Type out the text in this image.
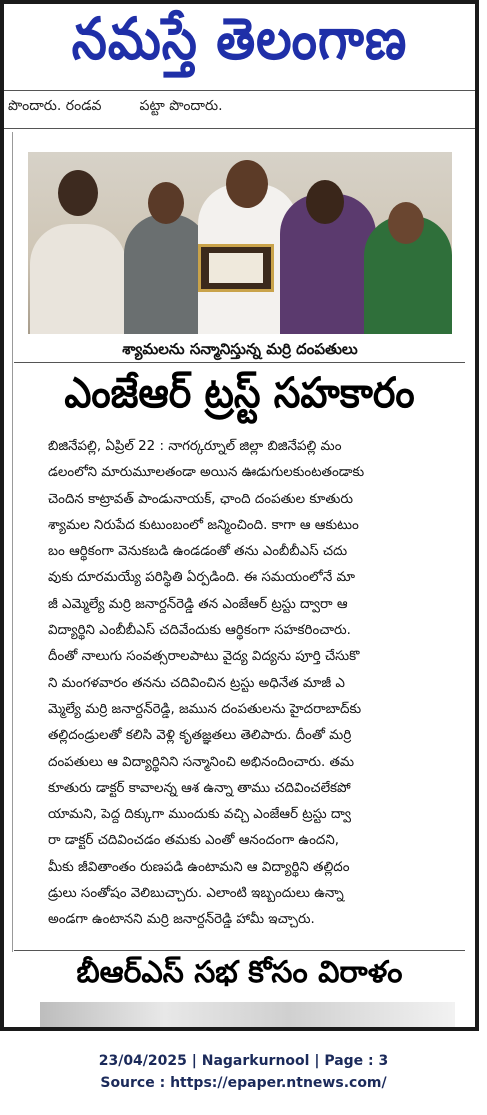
నమస్తే తెలంగాణ
పొందారు. రండవ	పట్టా పొందారు.
శ్యామలను సన్మానిస్తున్న మర్రి దంపతులు
ఎంజేఆర్ ట్రస్ట్ సహకారం
బిజినేపల్లి, ఏప్రిల్ 22 : నాగర్కర్నూల్ జిల్లా బిజినేపల్లి మం
డలంలోని మారుమూలతండా అయిన ఊడుగులకుంటతండాకు
చెందిన కాట్రావత్ పాండునాయక్, ఛాంది దంపతుల కూతురు
శ్యామల నిరుపేద కుటుంబంలో జన్మించింది. కాగా ఆ ఆకుటుం
బం ఆర్థికంగా వెనుకబడి ఉండడంతో తను ఎంబీబీఎస్ చదు
వుకు దూరమయ్యే పరిస్థితి ఏర్పడింది. ఈ సమయంలోనే మా
జీ ఎమ్మెల్యే మర్రి జనార్దన్‌రెడ్డి తన ఎంజేఆర్ ట్రస్టు ద్వారా ఆ
విద్యార్థిని ఎంబీబీఎస్ చదివేందుకు ఆర్థికంగా సహకరించారు.
దీంతో నాలుగు సంవత్సరాలపాటు వైద్య విద్యను పూర్తి చేసుకొ
ని మంగళవారం తనను చదివించిన ట్రస్టు అధినేత మాజీ ఎ
మ్మెల్యే మర్రి జనార్దన్‌రెడ్డి, జమున దంపతులను హైదరాబాద్‌కు
తల్లిదండ్రులతో కలిసి వెళ్లి కృతజ్ఞతలు తెలిపారు. దీంతో మర్రి
దంపతులు ఆ విద్యార్థినిని సన్మానించి అభినందించారు. తమ
కూతురు డాక్టర్ కావాలన్న ఆశ ఉన్నా తాము చదివించలేకపో
యామని, పెద్ద దిక్కుగా ముందుకు వచ్చి ఎంజేఆర్ ట్రస్టు ద్వా
రా డాక్టర్ చదివించడం తమకు ఎంతో ఆనందంగా ఉందని,
మీకు జీవితాంతం రుణపడి ఉంటామని ఆ విద్యార్థిని తల్లిదం
డ్రులు సంతోషం వెలిబుచ్చారు. ఎలాంటి ఇబ్బందులు ఉన్నా
అండగా ఉంటానని మర్రి జనార్దన్‌రెడ్డి హామీ ఇచ్చారు.
బీఆర్ఎస్ సభ కోసం విరాళం
23/04/2025 | Nagarkurnool | Page : 3
Source : https://epaper.ntnews.com/
